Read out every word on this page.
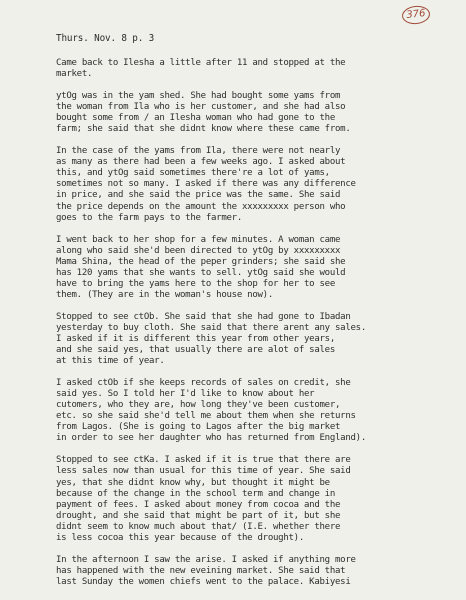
376
Thurs. Nov. 8 p. 3
Came back to Ilesha a little after 11 and stopped at the
market.
ytOg was in the yam shed. She had bought some yams from
the woman from Ila who is her customer, and she had also
bought some from / an Ilesha woman who had gone to the
farm; she said that she didnt know where these came from.
In the case of the yams from Ila, there were not nearly
as many as there had been a few weeks ago. I asked about
this, and ytOg said sometimes there're a lot of yams,
sometimes not so many. I asked if there was any difference
in price, and she said the price was the same. She said
the price depends on the amount the xxxxxxxxx person who
goes to the farm pays to the farmer.
I went back to her shop for a few minutes. A woman came
along who said she'd been directed to ytOg by xxxxxxxxx
Mama Shina, the head of the peper grinders; she said she
has 120 yams that she wants to sell. ytOg said she would
have to bring the yams here to the shop for her to see
them. (They are in the woman's house now).
Stopped to see ctOb. She said that she had gone to Ibadan
yesterday to buy cloth. She said that there arent any sales.
I asked if it is different this year from other years,
and she said yes, that usually there are alot of sales
at this time of year.
I asked ctOb if she keeps records of sales on credit, she
said yes. So I told her I'd like to know about her
cutomers, who they are, how long they've been customer,
etc. so she said she'd tell me about them when she returns
from Lagos. (She is going to Lagos after the big market
in order to see her daughter who has returned from England).
Stopped to see ctKa. I asked if it is true that there are
less sales now than usual for this time of year. She said
yes, that she didnt know why, but thought it might be
because of the change in the school term and change in
payment of fees. I asked about money from cocoa and the
drought, and she said that might be part of it, but she
didnt seem to know much about that/ (I.E. whether there
is less cocoa this year because of the drought).
In the afternoon I saw the arise. I asked if anything more
has happened with the new eveining market. She said that
last Sunday the women chiefs went to the palace. Kabiyesi
